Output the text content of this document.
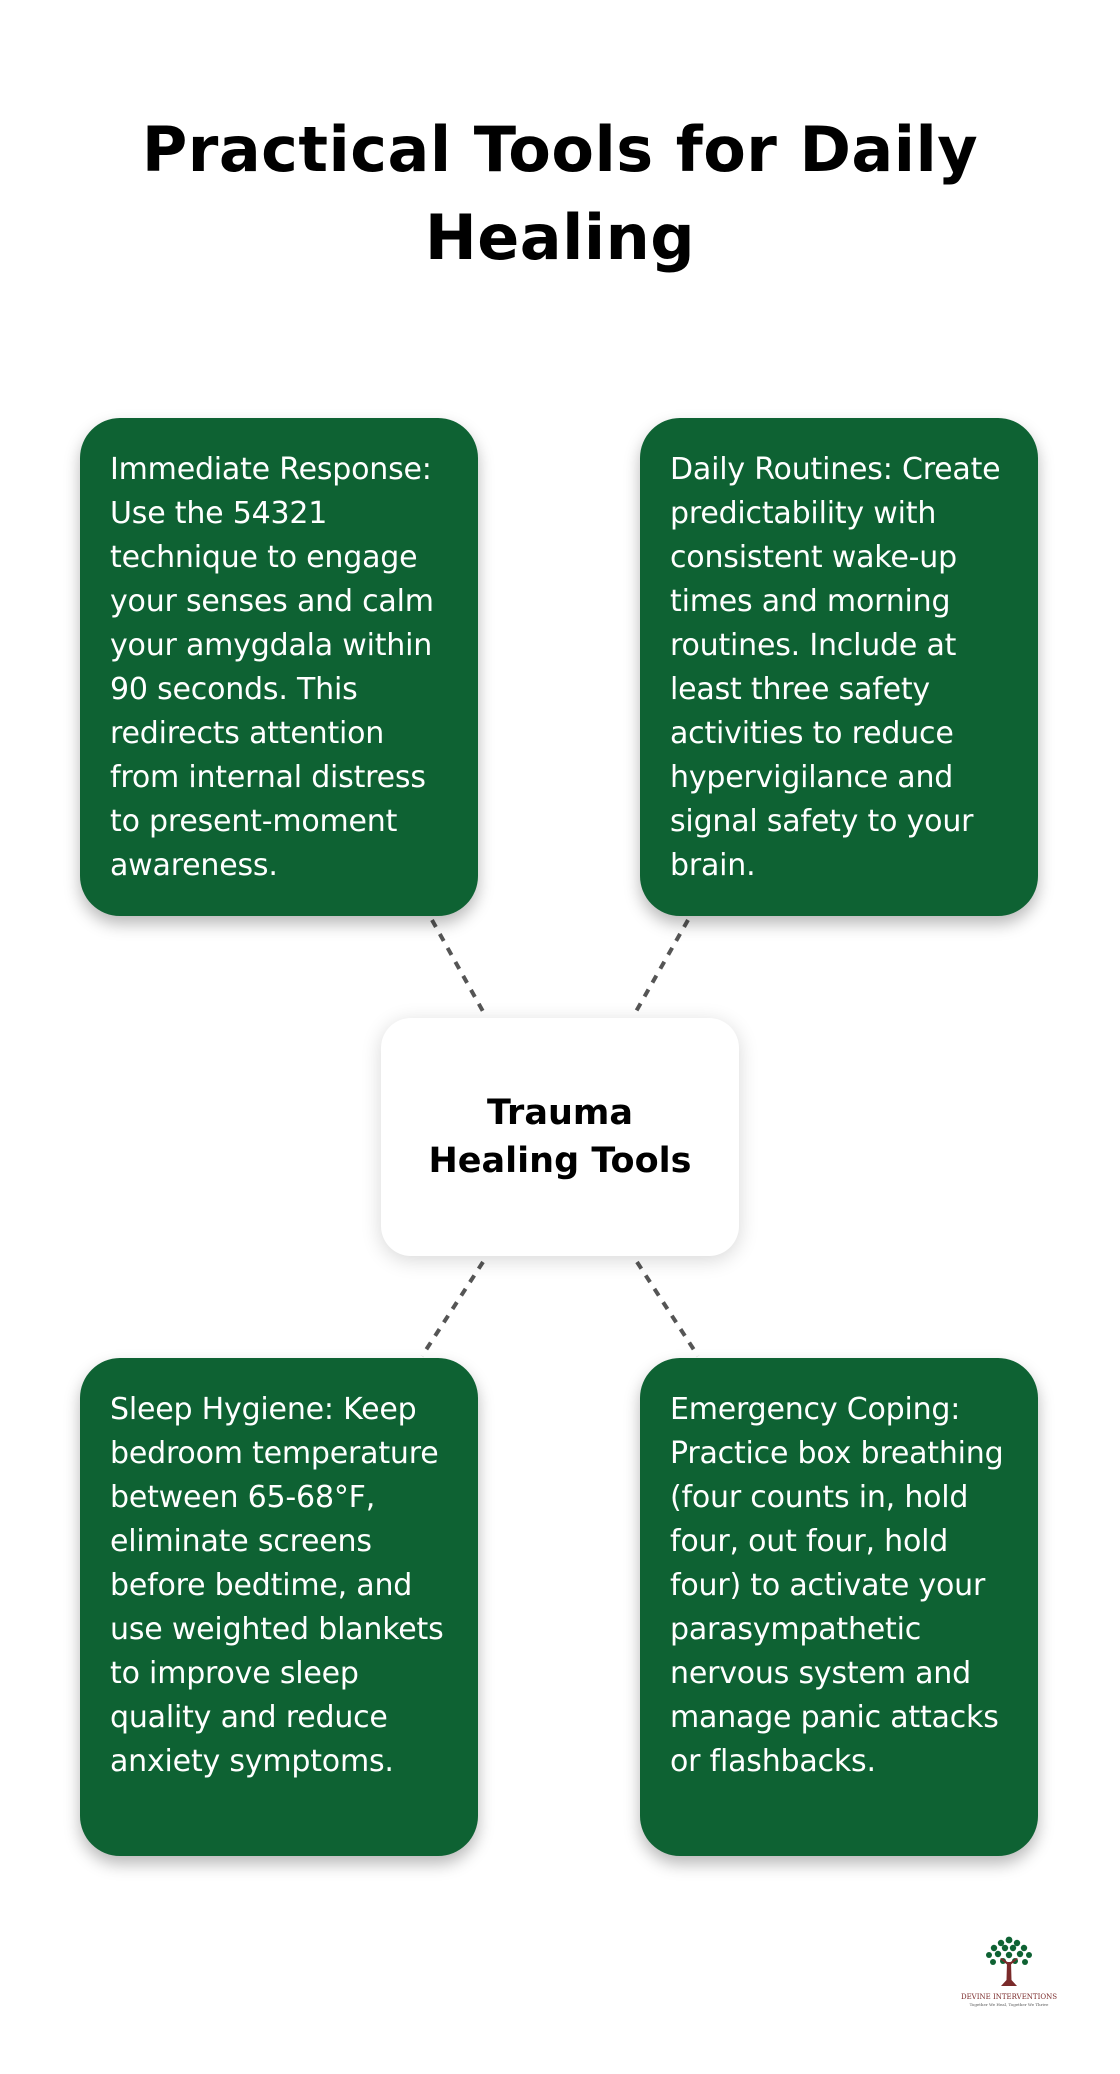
Practical Tools for Daily Healing

Immediate Response: Use the 54321 technique to engage your senses and calm your amygdala within 90 seconds. This redirects attention from internal distress to present-moment awareness.

Daily Routines: Create predictability with consistent wake-up times and morning routines. Include at least three safety activities to reduce hypervigilance and signal safety to your brain.

Trauma Healing Tools

Sleep Hygiene: Keep bedroom temperature between 65-68°F, eliminate screens before bedtime, and use weighted blankets to improve sleep quality and reduce anxiety symptoms.

Emergency Coping: Practice box breathing (four counts in, hold four, out four, hold four) to activate your parasympathetic nervous system and manage panic attacks or flashbacks.

DEVINE INTERVENTIONS
Together We Heal, Together We Thrive
